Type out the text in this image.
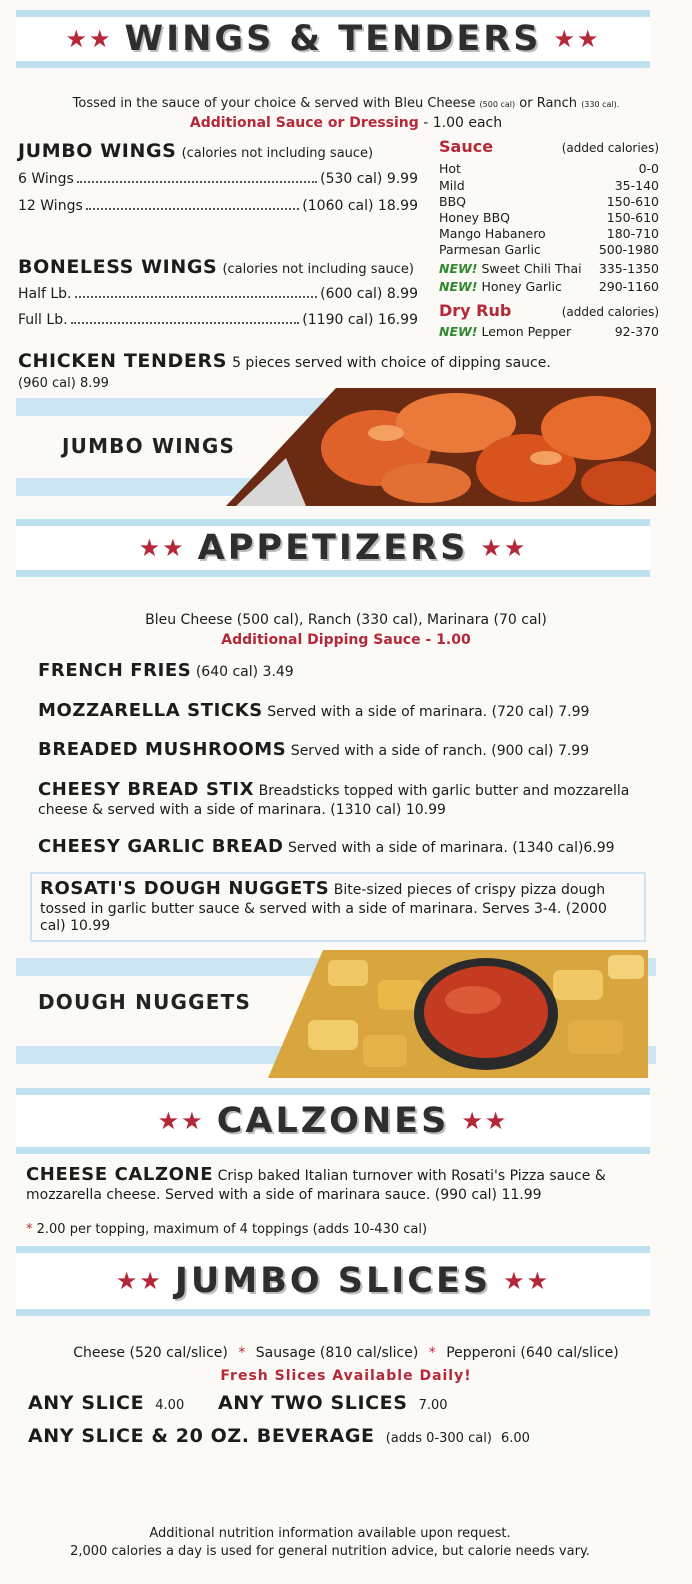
★★ WINGS & TENDERS ★★
Tossed in the sauce of your choice & served with Bleu Cheese (500 cal) or Ranch (330 cal).
Additional Sauce or Dressing - 1.00 each
JUMBO WINGS (calories not including sauce)
6 Wings	(530 cal) 9.99
12 Wings	(1060 cal) 18.99
BONELESS WINGS (calories not including sauce)
Half Lb.	(600 cal) 8.99
Full Lb.	(1190 cal) 16.99
Sauce	(added calories)
Hot	0-0
Mild	35-140
BBQ	150-610
Honey BBQ	150-610
Mango Habanero	180-710
Parmesan Garlic	500-1980
NEW! Sweet Chili Thai 335-1350
NEW! Honey Garlic	290-1160
Dry Rub	(added calories)
NEW! Lemon Pepper	92-370
CHICKEN TENDERS 5 pieces served with choice of dipping sauce.
(960 cal) 8.99
JUMBO WINGS
★★ APPETIZERS ★★
Bleu Cheese (500 cal), Ranch (330 cal), Marinara (70 cal)
Additional Dipping Sauce - 1.00
FRENCH FRIES (640 cal) 3.49
MOZZARELLA STICKS Served with a side of marinara. (720 cal) 7.99
BREADED MUSHROOMS Served with a side of ranch. (900 cal) 7.99
CHEESY BREAD STIX Breadsticks topped with garlic butter and mozzarella cheese & served with a side of marinara. (1310 cal) 10.99
CHEESY GARLIC BREAD Served with a side of marinara. (1340 cal)6.99
ROSATI'S DOUGH NUGGETS Bite-sized pieces of crispy pizza dough tossed in garlic butter sauce & served with a side of marinara. Serves 3-4. (2000 cal) 10.99
DOUGH NUGGETS
★★ CALZONES ★★
CHEESE CALZONE Crisp baked Italian turnover with Rosati's Pizza sauce & mozzarella cheese. Served with a side of marinara sauce. (990 cal) 11.99
* 2.00 per topping, maximum of 4 toppings (adds 10-430 cal)
★★ JUMBO SLICES ★★
Cheese (520 cal/slice) * Sausage (810 cal/slice) * Pepperoni (640 cal/slice)
Fresh Slices Available Daily!
ANY SLICE 4.00 ANY TWO SLICES 7.00
ANY SLICE & 20 OZ. BEVERAGE (adds 0-300 cal) 6.00
Additional nutrition information available upon request.
2,000 calories a day is used for general nutrition advice, but calorie needs vary.
